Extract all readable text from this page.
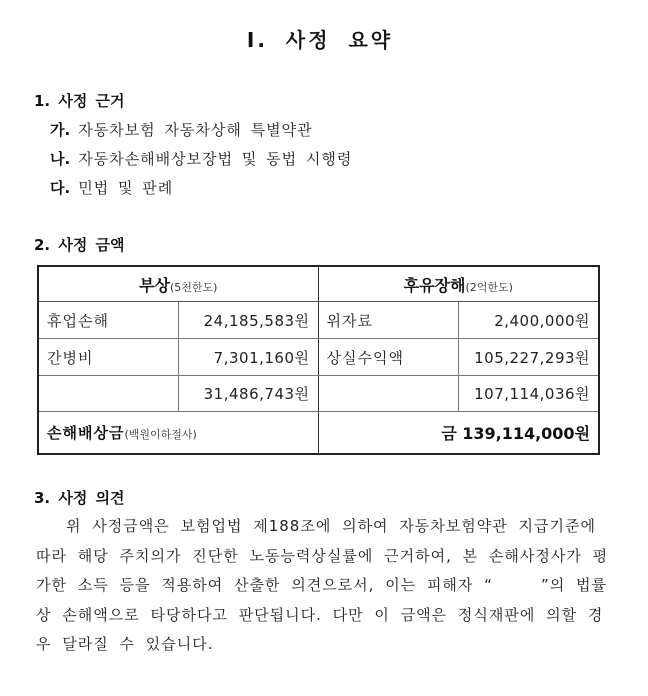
Ⅰ. 사정 요약
1. 사정 근거
가. 자동차보험 자동차상해 특별약관
나. 자동차손해배상보장법 및 동법 시행령
다. 민법 및 판례
2. 사정 금액
부상(5천한도)		후유장해(2억한도)	
휴업손해	24,185,583원	위자료	2,400,000원
간병비	7,301,160원	상실수익액	105,227,293원
	31,486,743원		107,114,036원
손해배상금(백원이하절사)		금 139,114,000원	
3. 사정 의견
위 사정금액은 보험업법 제188조에 의하여 자동차보험약관 지급기준에
따라 해당 주치의가 진단한 노동능력상실률에 근거하여, 본 손해사정사가 평
가한 소득 등을 적용하여 산출한 의견으로서, 이는 피해자 “　　　”의 법률
상 손해액으로 타당하다고 판단됩니다. 다만 이 금액은 정식재판에 의할 경
우 달라질 수 있습니다.
